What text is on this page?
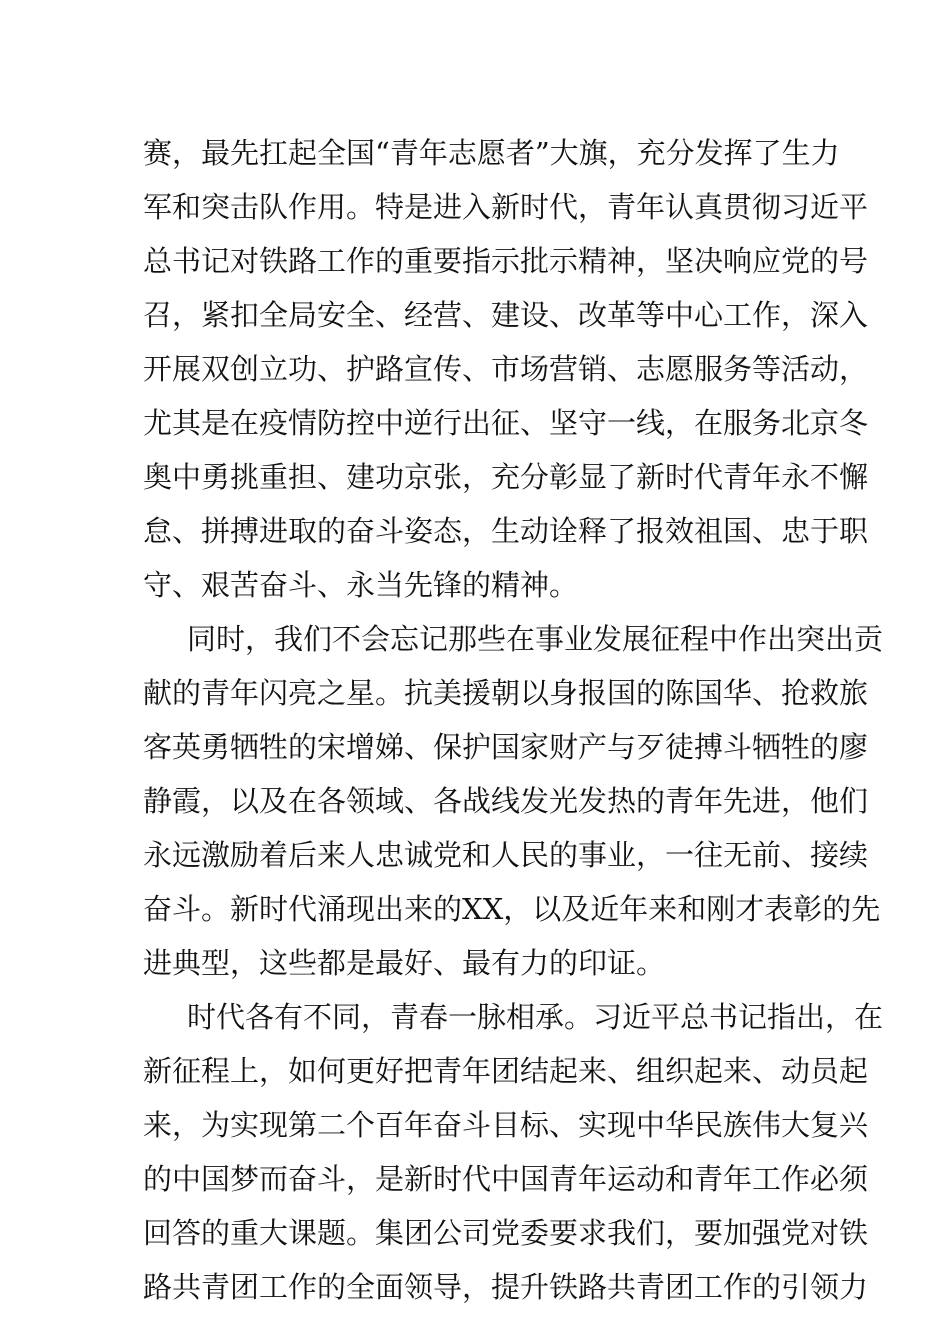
赛，最先扛起全国“青年志愿者”大旗，充分发挥了生力
军和突击队作用。特是进入新时代，青年认真贯彻习近平
总书记对铁路工作的重要指示批示精神，坚决响应党的号
召，紧扣全局安全、经营、建设、改革等中心工作，深入
开展双创立功、护路宣传、市场营销、志愿服务等活动，
尤其是在疫情防控中逆行出征、坚守一线，在服务北京冬
奥中勇挑重担、建功京张，充分彰显了新时代青年永不懈
怠、拼搏进取的奋斗姿态，生动诠释了报效祖国、忠于职
守、艰苦奋斗、永当先锋的精神。
同时，我们不会忘记那些在事业发展征程中作出突出贡
献的青年闪亮之星。抗美援朝以身报国的陈国华、抢救旅
客英勇牺牲的宋增娣、保护国家财产与歹徒搏斗牺牲的廖
静霞，以及在各领域、各战线发光发热的青年先进，他们
永远激励着后来人忠诚党和人民的事业，一往无前、接续
奋斗。新时代涌现出来的XX，以及近年来和刚才表彰的先
进典型，这些都是最好、最有力的印证。
时代各有不同，青春一脉相承。习近平总书记指出，在
新征程上，如何更好把青年团结起来、组织起来、动员起
来，为实现第二个百年奋斗目标、实现中华民族伟大复兴
的中国梦而奋斗，是新时代中国青年运动和青年工作必须
回答的重大课题。集团公司党委要求我们，要加强党对铁
路共青团工作的全面领导，提升铁路共青团工作的引领力
